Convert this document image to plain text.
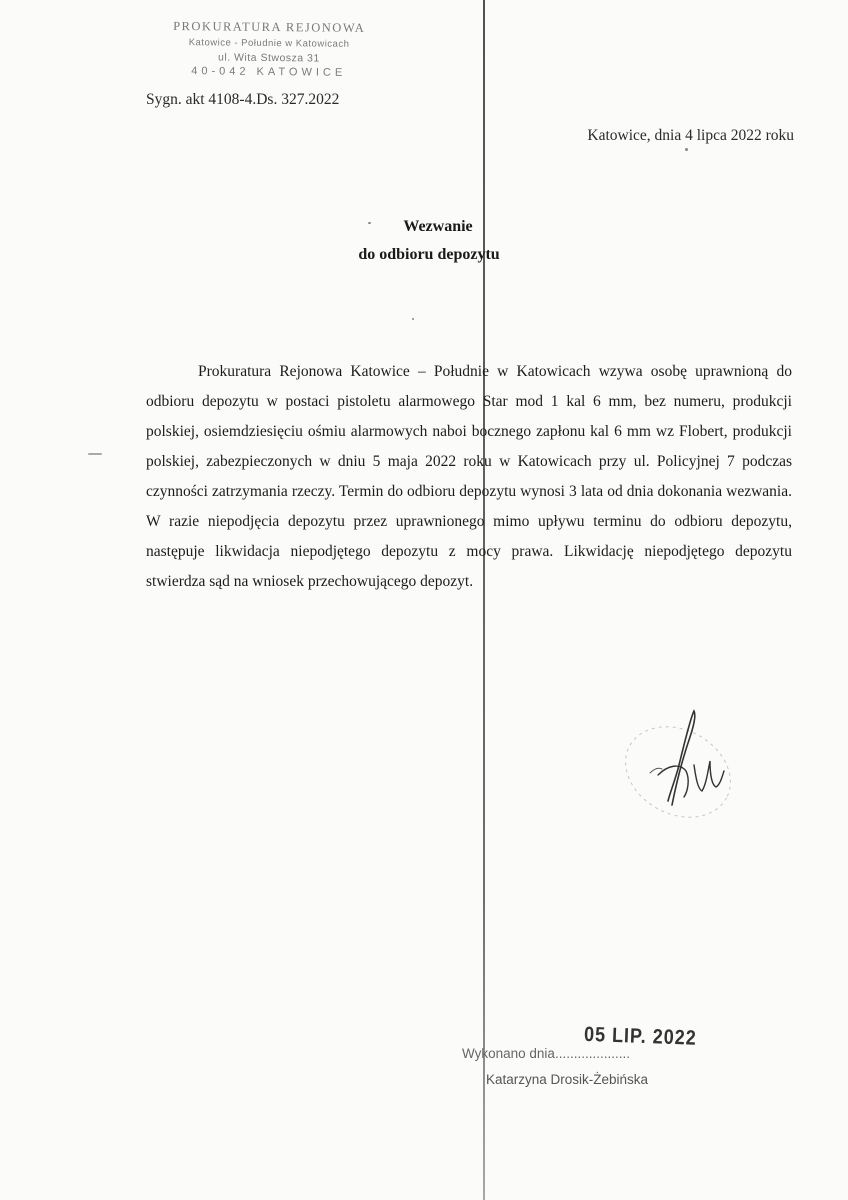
PROKURATURA REJONOWA
Katowice - Południe w Katowicach
ul. Wita Stwosza 31
40-042 KATOWICE
Sygn. akt 4108-4.Ds. 327.2022
Katowice, dnia 4 lipca 2022 roku
Wezwanie
do odbioru depozytu
Prokuratura Rejonowa Katowice – Południe w Katowicach wzywa osobę uprawnioną do odbioru depozytu w postaci pistoletu alarmowego Star mod 1 kal 6 mm, bez numeru, produkcji polskiej, osiemdziesięciu ośmiu alarmowych naboi bocznego zapłonu kal 6 mm wz Flobert, produkcji polskiej, zabezpieczonych w dniu 5 maja 2022 roku w Katowicach przy ul. Policyjnej 7 podczas czynności zatrzymania rzeczy. Termin do odbioru depozytu wynosi 3 lata od dnia dokonania wezwania. W razie niepodjęcia depozytu przez uprawnionego mimo upływu terminu do odbioru depozytu, następuje likwidacja niepodjętego depozytu z mocy prawa. Likwidację niepodjętego depozytu stwierdza sąd na wniosek przechowującego depozyt.
05 LIP. 2022
Wykonano dnia....................
Katarzyna Drosik-Żebińska
